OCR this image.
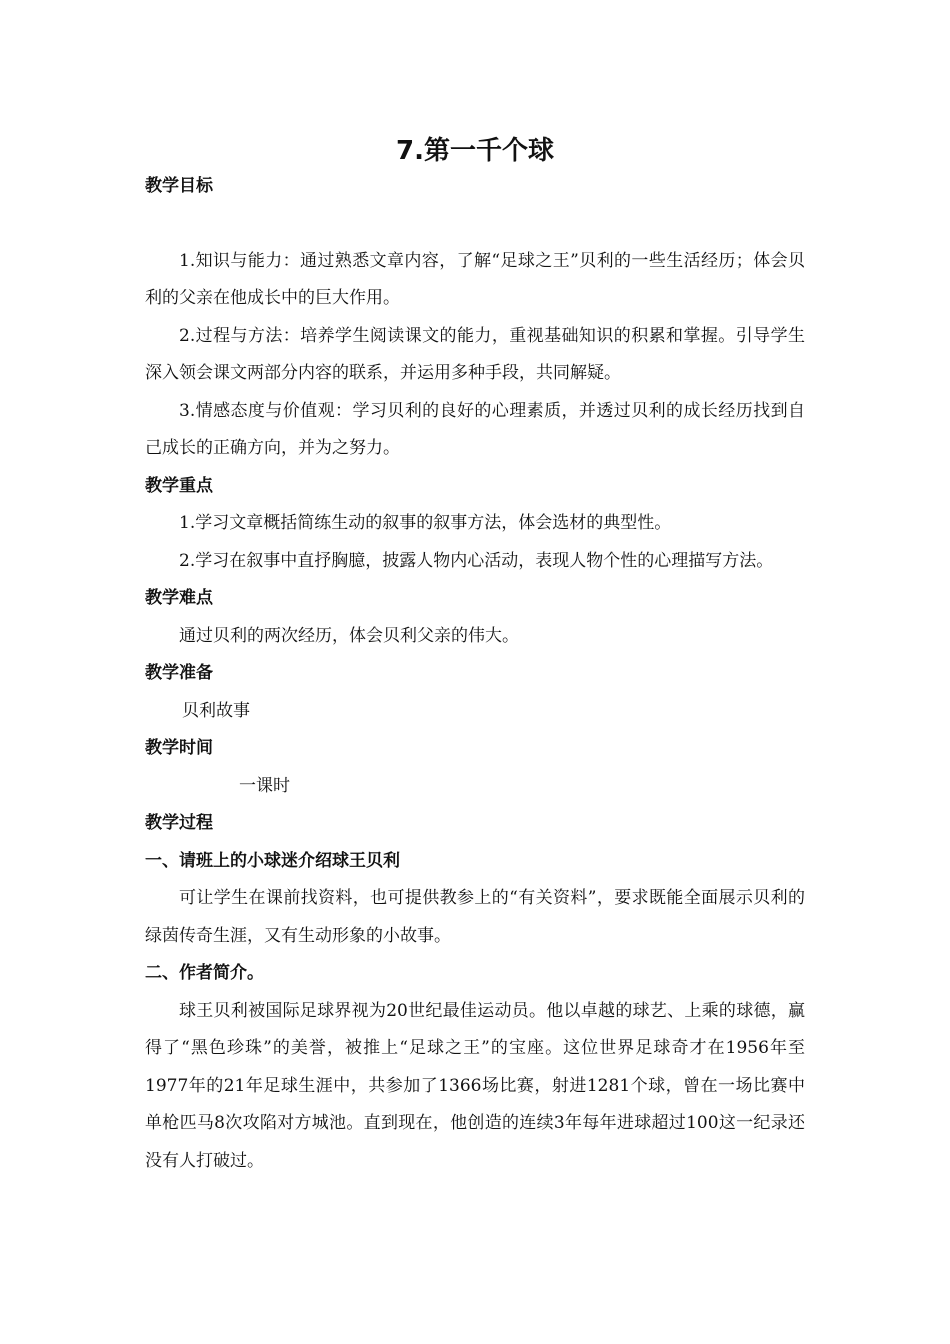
7.第一千个球

教学目标

1.知识与能力：通过熟悉文章内容，了解“足球之王”贝利的一些生活经历；体会贝利的父亲在他成长中的巨大作用。

2.过程与方法：培养学生阅读课文的能力，重视基础知识的积累和掌握。引导学生深入领会课文两部分内容的联系，并运用多种手段，共同解疑。

3.情感态度与价值观：学习贝利的良好的心理素质，并透过贝利的成长经历找到自己成长的正确方向，并为之努力。

教学重点

1.学习文章概括简练生动的叙事的叙事方法，体会选材的典型性。

2.学习在叙事中直抒胸臆，披露人物内心活动，表现人物个性的心理描写方法。

教学难点

通过贝利的两次经历，体会贝利父亲的伟大。

教学准备

贝利故事

教学时间

一课时

教学过程

一、请班上的小球迷介绍球王贝利

可让学生在课前找资料，也可提供教参上的“有关资料”，要求既能全面展示贝利的绿茵传奇生涯，又有生动形象的小故事。

二、作者简介。

球王贝利被国际足球界视为20世纪最佳运动员。他以卓越的球艺、上乘的球德，赢得了“黑色珍珠”的美誉，被推上“足球之王”的宝座。这位世界足球奇才在1956年至1977年的21年足球生涯中，共参加了1366场比赛，射进1281个球，曾在一场比赛中单枪匹马8次攻陷对方城池。直到现在，他创造的连续3年每年进球超过100这一纪录还没有人打破过。
